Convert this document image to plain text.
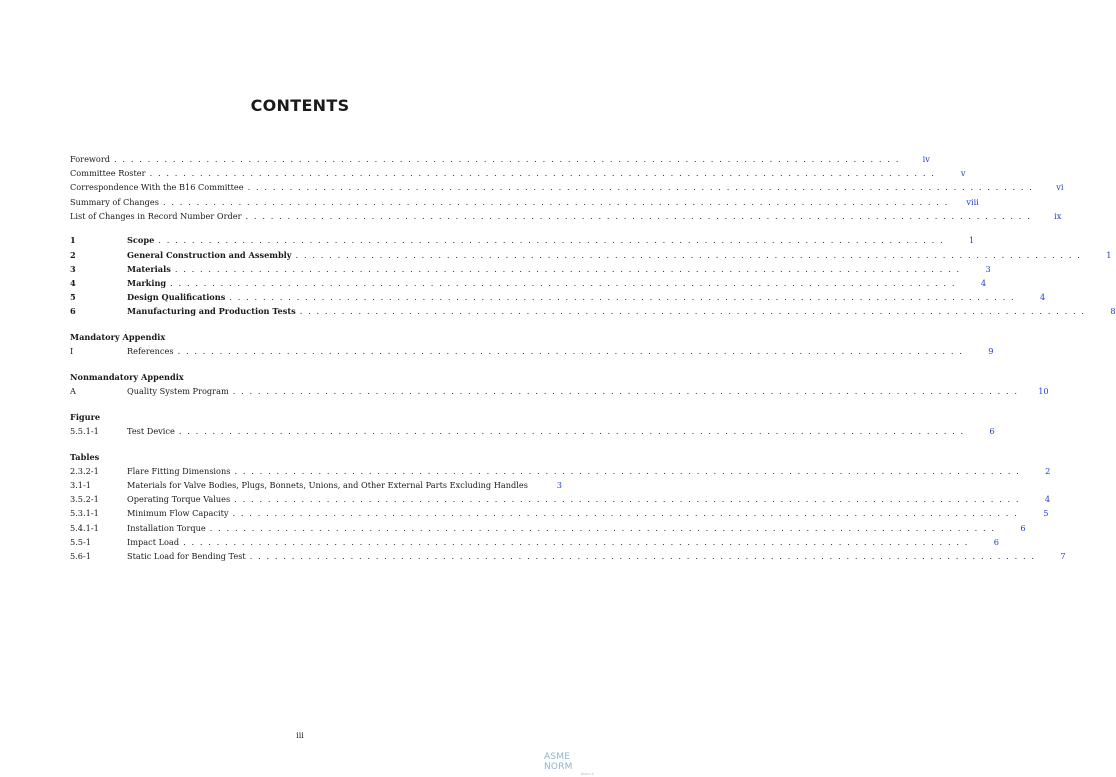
CONTENTS
Foreword . . . . . . . . . . . . . . . . . . . . . . . . . . . . . . . . . . . . . . . . . . . . . . . . . . . . . . . . . . . . . . . . . . . . . . . . . . . . . . . . . . . . . . . . . . . . . .	iv
Committee Roster . . . . . . . . . . . . . . . . . . . . . . . . . . . . . . . . . . . . . . . . . . . . . . . . . . . . . . . . . . . . . . . . . . . . . . . . . . . . . . . . . . . . . . . . . . . . . .	v
Correspondence With the B16 Committee . . . . . . . . . . . . . . . . . . . . . . . . . . . . . . . . . . . . . . . . . . . . . . . . . . . . . . . . . . . . . . . . . . . . . . . . . . . . . . . . . . . . . . . . . . . . . .	vi
Summary of Changes . . . . . . . . . . . . . . . . . . . . . . . . . . . . . . . . . . . . . . . . . . . . . . . . . . . . . . . . . . . . . . . . . . . . . . . . . . . . . . . . . . . . . . . . . . . . . .	viii
List of Changes in Record Number Order . . . . . . . . . . . . . . . . . . . . . . . . . . . . . . . . . . . . . . . . . . . . . . . . . . . . . . . . . . . . . . . . . . . . . . . . . . . . . . . . . . . . . . . . . . . . . .	ix
1	Scope . . . . . . . . . . . . . . . . . . . . . . . . . . . . . . . . . . . . . . . . . . . . . . . . . . . . . . . . . . . . . . . . . . . . . . . . . . . . . . . . . . . . . . . . . . . . . .	1
2	General Construction and Assembly . . . . . . . . . . . . . . . . . . . . . . . . . . . . . . . . . . . . . . . . . . . . . . . . . . . . . . . . . . . . . . . . . . . . . . . . . . . . . . . . . . . . . . . . . . . . . .	1
3	Materials . . . . . . . . . . . . . . . . . . . . . . . . . . . . . . . . . . . . . . . . . . . . . . . . . . . . . . . . . . . . . . . . . . . . . . . . . . . . . . . . . . . . . . . . . . . . . .	3
4	Marking . . . . . . . . . . . . . . . . . . . . . . . . . . . . . . . . . . . . . . . . . . . . . . . . . . . . . . . . . . . . . . . . . . . . . . . . . . . . . . . . . . . . . . . . . . . . . .	4
5	Design Qualifications . . . . . . . . . . . . . . . . . . . . . . . . . . . . . . . . . . . . . . . . . . . . . . . . . . . . . . . . . . . . . . . . . . . . . . . . . . . . . . . . . . . . . . . . . . . . . .	4
6	Manufacturing and Production Tests . . . . . . . . . . . . . . . . . . . . . . . . . . . . . . . . . . . . . . . . . . . . . . . . . . . . . . . . . . . . . . . . . . . . . . . . . . . . . . . . . . . . . . . . . . . . . .	8
Mandatory Appendix
I	References . . . . . . . . . . . . . . . . . . . . . . . . . . . . . . . . . . . . . . . . . . . . . . . . . . . . . . . . . . . . . . . . . . . . . . . . . . . . . . . . . . . . . . . . . . . . . .	9
Nonmandatory Appendix
A	Quality System Program . . . . . . . . . . . . . . . . . . . . . . . . . . . . . . . . . . . . . . . . . . . . . . . . . . . . . . . . . . . . . . . . . . . . . . . . . . . . . . . . . . . . . . . . . . . . . .	10
Figure
5.5.1-1	Test Device . . . . . . . . . . . . . . . . . . . . . . . . . . . . . . . . . . . . . . . . . . . . . . . . . . . . . . . . . . . . . . . . . . . . . . . . . . . . . . . . . . . . . . . . . . . . . .	6
Tables
2.3.2-1	Flare Fitting Dimensions . . . . . . . . . . . . . . . . . . . . . . . . . . . . . . . . . . . . . . . . . . . . . . . . . . . . . . . . . . . . . . . . . . . . . . . . . . . . . . . . . . . . . . . . . . . . . .	2
3.1-1	Materials for Valve Bodies, Plugs, Bonnets, Unions, and Other External Parts Excluding Handles	3
3.5.2-1	Operating Torque Values . . . . . . . . . . . . . . . . . . . . . . . . . . . . . . . . . . . . . . . . . . . . . . . . . . . . . . . . . . . . . . . . . . . . . . . . . . . . . . . . . . . . . . . . . . . . . .	4
5.3.1-1	Minimum Flow Capacity . . . . . . . . . . . . . . . . . . . . . . . . . . . . . . . . . . . . . . . . . . . . . . . . . . . . . . . . . . . . . . . . . . . . . . . . . . . . . . . . . . . . . . . . . . . . . .	5
5.4.1-1	Installation Torque . . . . . . . . . . . . . . . . . . . . . . . . . . . . . . . . . . . . . . . . . . . . . . . . . . . . . . . . . . . . . . . . . . . . . . . . . . . . . . . . . . . . . . . . . . . . . .	6
5.5-1	Impact Load . . . . . . . . . . . . . . . . . . . . . . . . . . . . . . . . . . . . . . . . . . . . . . . . . . . . . . . . . . . . . . . . . . . . . . . . . . . . . . . . . . . . . . . . . . . . . .	6
5.6-1	Static Load for Bending Test . . . . . . . . . . . . . . . . . . . . . . . . . . . . . . . . . . . . . . . . . . . . . . . . . . . . . . . . . . . . . . . . . . . . . . . . . . . . . . . . . . . . . . . . . . . . . .	7
iii
ASME NORM
asme.ir
